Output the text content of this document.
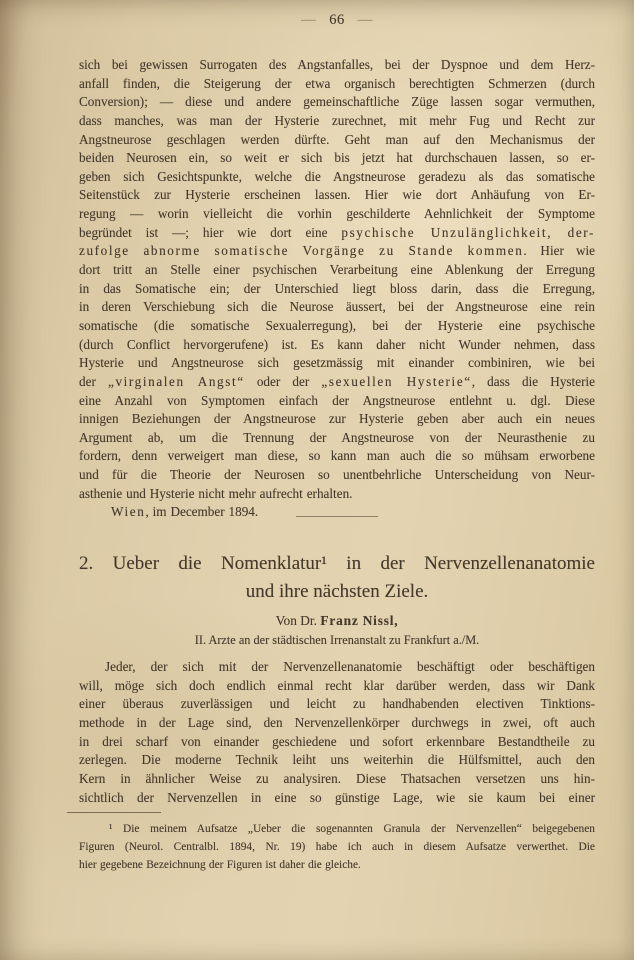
— 66 —
sich bei gewissen Surrogaten des Angstanfalles, bei der Dyspnoe und dem Herz-
anfall finden, die Steigerung der etwa organisch berechtigten Schmerzen (durch
Conversion); — diese und andere gemeinschaftliche Züge lassen sogar vermuthen,
dass manches, was man der Hysterie zurechnet, mit mehr Fug und Recht zur
Angstneurose geschlagen werden dürfte. Geht man auf den Mechanismus der
beiden Neurosen ein, so weit er sich bis jetzt hat durchschauen lassen, so er-
geben sich Gesichtspunkte, welche die Angstneurose geradezu als das somatische
Seitenstück zur Hysterie erscheinen lassen. Hier wie dort Anhäufung von Er-
regung — worin vielleicht die vorhin geschilderte Aehnlichkeit der Symptome
begründet ist —; hier wie dort eine psychische Unzulänglichkeit, der-
zufolge abnorme somatische Vorgänge zu Stande kommen. Hier wie
dort tritt an Stelle einer psychischen Verarbeitung eine Ablenkung der Erregung
in das Somatische ein; der Unterschied liegt bloss darin, dass die Erregung,
in deren Verschiebung sich die Neurose äussert, bei der Angstneurose eine rein
somatische (die somatische Sexualerregung), bei der Hysterie eine psychische
(durch Conflict hervorgerufene) ist. Es kann daher nicht Wunder nehmen, dass
Hysterie und Angstneurose sich gesetzmässig mit einander combiniren, wie bei
der „virginalen Angst“ oder der „sexuellen Hysterie“, dass die Hysterie
eine Anzahl von Symptomen einfach der Angstneurose entlehnt u. dgl. Diese
innigen Beziehungen der Angstneurose zur Hysterie geben aber auch ein neues
Argument ab, um die Trennung der Angstneurose von der Neurasthenie zu
fordern, denn verweigert man diese, so kann man auch die so mühsam erworbene
und für die Theorie der Neurosen so unentbehrliche Unterscheidung von Neur-
asthenie und Hysterie nicht mehr aufrecht erhalten.
Wien, im December 1894.
2. Ueber die Nomenklatur¹ in der Nervenzellenanatomie
und ihre nächsten Ziele.
Von Dr. Franz Nissl,
II. Arzte an der städtischen Irrenanstalt zu Frankfurt a./M.
Jeder, der sich mit der Nervenzellenanatomie beschäftigt oder beschäftigen
will, möge sich doch endlich einmal recht klar darüber werden, dass wir Dank
einer überaus zuverlässigen und leicht zu handhabenden electiven Tinktions-
methode in der Lage sind, den Nervenzellenkörper durchwegs in zwei, oft auch
in drei scharf von einander geschiedene und sofort erkennbare Bestandtheile zu
zerlegen. Die moderne Technik leiht uns weiterhin die Hülfsmittel, auch den
Kern in ähnlicher Weise zu analysiren. Diese Thatsachen versetzen uns hin-
sichtlich der Nervenzellen in eine so günstige Lage, wie sie kaum bei einer
¹ Die meinem Aufsatze „Ueber die sogenannten Granula der Nervenzellen“ beigegebenen
Figuren (Neurol. Centralbl. 1894, Nr. 19) habe ich auch in diesem Aufsatze verwerthet. Die
hier gegebene Bezeichnung der Figuren ist daher die gleiche.
